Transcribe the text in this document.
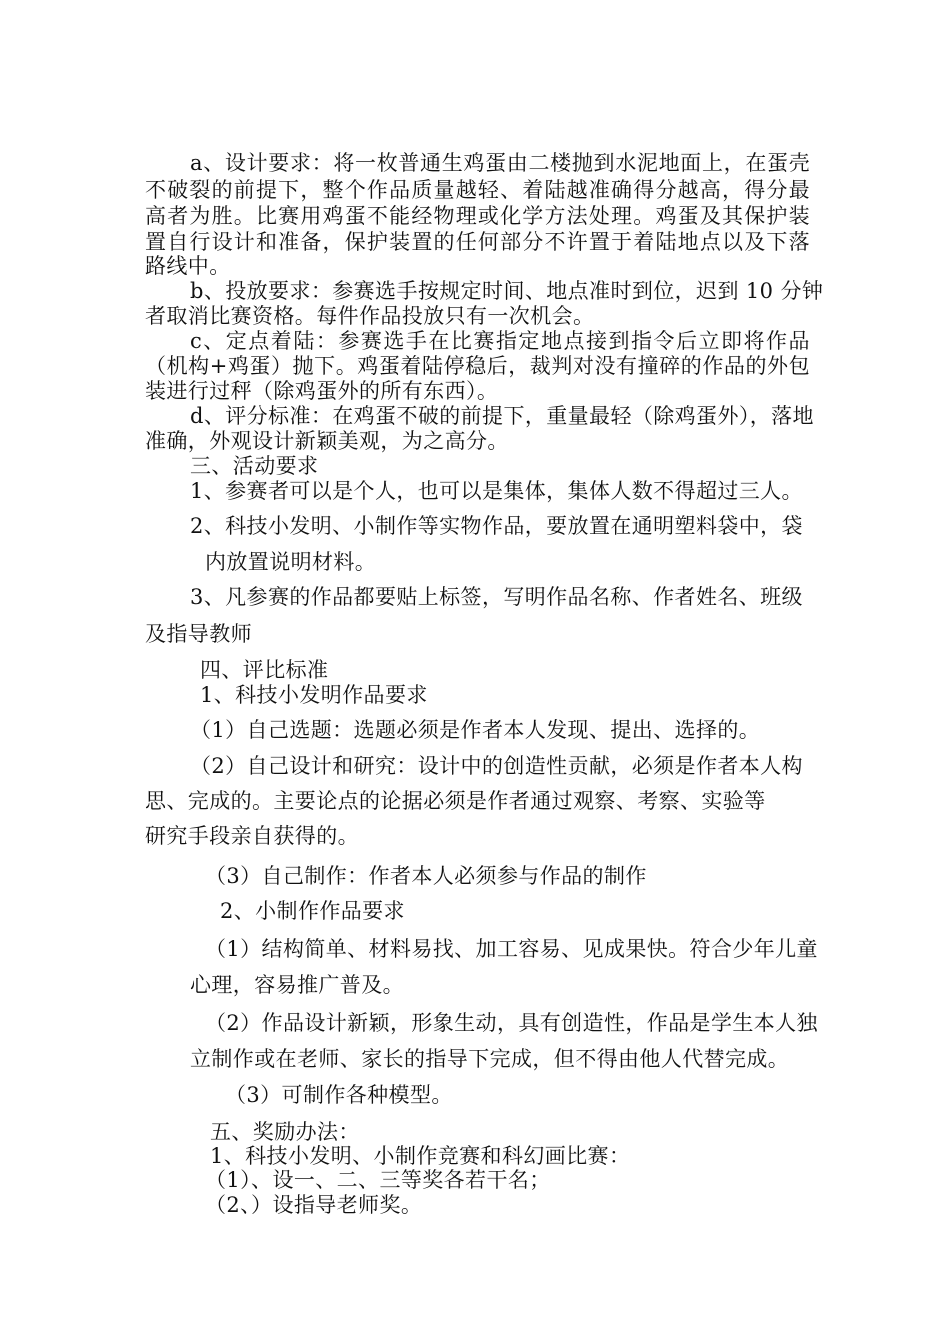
a、设计要求：将一枚普通生鸡蛋由二楼抛到水泥地面上，在蛋壳
不破裂的前提下，整个作品质量越轻、着陆越准确得分越高，得分最
高者为胜。比赛用鸡蛋不能经物理或化学方法处理。鸡蛋及其保护装
置自行设计和准备，保护装置的任何部分不许置于着陆地点以及下落
路线中。
b、投放要求：参赛选手按规定时间、地点准时到位，迟到 10 分钟
者取消比赛资格。每件作品投放只有一次机会。
c、定点着陆：参赛选手在比赛指定地点接到指令后立即将作品
（机构+鸡蛋）抛下。鸡蛋着陆停稳后，裁判对没有撞碎的作品的外包
装进行过秤（除鸡蛋外的所有东西）。
d、评分标准：在鸡蛋不破的前提下，重量最轻（除鸡蛋外），落地
准确，外观设计新颖美观，为之高分。
三、活动要求
1、参赛者可以是个人，也可以是集体，集体人数不得超过三人。
2、科技小发明、小制作等实物作品，要放置在通明塑料袋中，袋
内放置说明材料。
3、凡参赛的作品都要贴上标签，写明作品名称、作者姓名、班级
及指导教师
四、评比标准
1、科技小发明作品要求
（1）自己选题：选题必须是作者本人发现、提出、选择的。
（2）自己设计和研究：设计中的创造性贡献，必须是作者本人构
思、完成的。主要论点的论据必须是作者通过观察、考察、实验等
研究手段亲自获得的。
（3）自己制作：作者本人必须参与作品的制作
2、小制作作品要求
（1）结构简单、材料易找、加工容易、见成果快。符合少年儿童
心理，容易推广普及。
（2）作品设计新颖，形象生动，具有创造性，作品是学生本人独
立制作或在老师、家长的指导下完成，但不得由他人代替完成。
（3）可制作各种模型。
五、奖励办法：
1、科技小发明、小制作竞赛和科幻画比赛：
（1）、设一、二、三等奖各若干名；
（2、）设指导老师奖。
